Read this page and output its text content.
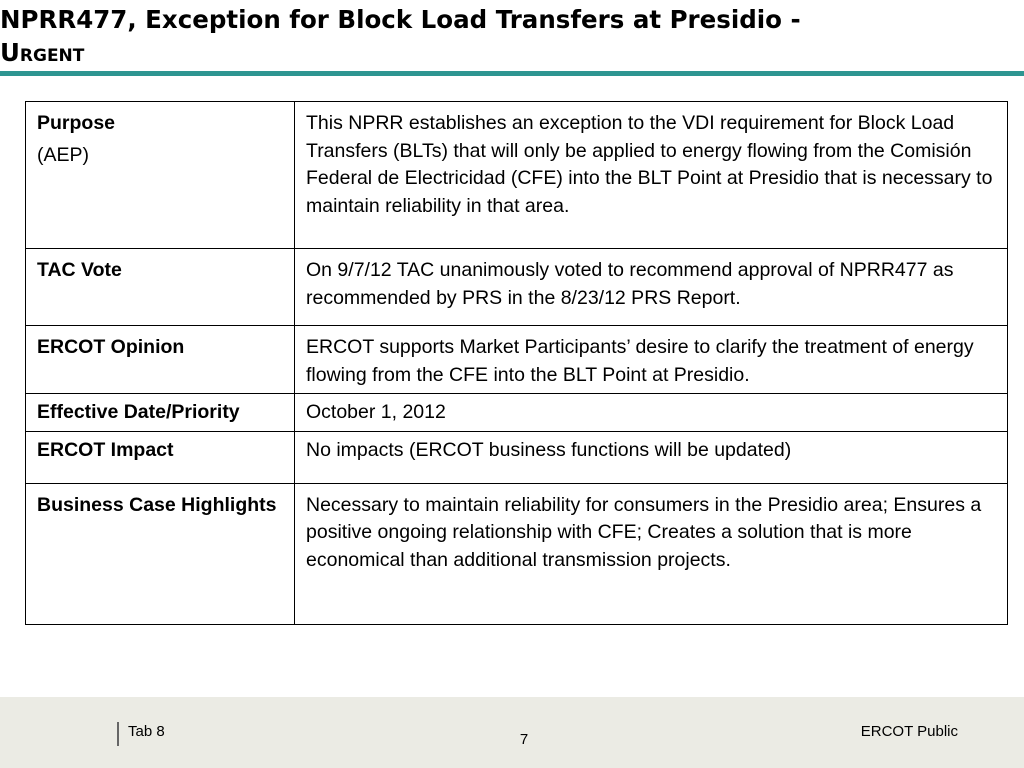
NPRR477, Exception for Block Load Transfers at Presidio -
Urgent
Purpose
(AEP)	This NPRR establishes an exception to the VDI requirement for Block Load Transfers (BLTs) that will only be applied to energy flowing from the Comisión Federal de Electricidad (CFE) into the BLT Point at Presidio that is necessary to maintain reliability in that area.
TAC Vote	On 9/7/12 TAC unanimously voted to recommend approval of NPRR477 as recommended by PRS in the 8/23/12 PRS Report.
ERCOT Opinion	ERCOT supports Market Participants’ desire to clarify the treatment of energy flowing from the CFE into the BLT Point at Presidio.
Effective Date/Priority	October 1, 2012
ERCOT Impact	No impacts (ERCOT business functions will be updated)
Business Case Highlights	Necessary to maintain reliability for consumers in the Presidio area; Ensures a positive ongoing relationship with CFE; Creates a solution that is more economical than additional transmission projects.
Tab 8	7	ERCOT Public
